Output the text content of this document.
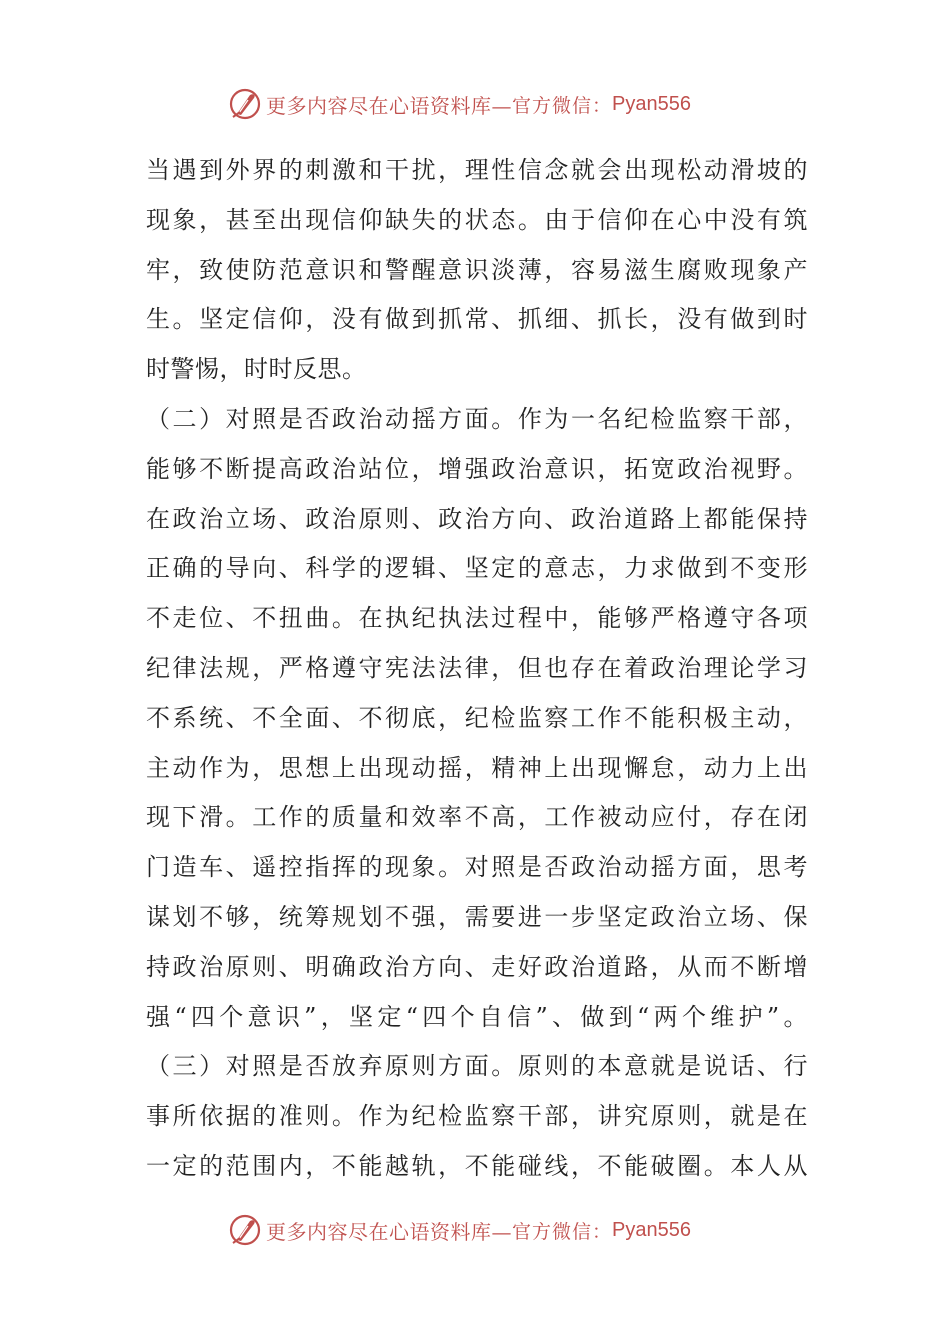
更多内容尽在心语资料库— 官方微信： Pyan556
当遇到外界的刺激和干扰，理性信念就会出现松动滑坡的
现象，甚至出现信仰缺失的状态。由于信仰在心中没有筑
牢，致使防范意识和警醒意识淡薄，容易滋生腐败现象产
生。坚定信仰，没有做到抓常、抓细、抓长，没有做到时
时警惕，时时反思。
（二）对照是否政治动摇方面。作为一名纪检监察干部，
能够不断提高政治站位，增强政治意识，拓宽政治视野。
在政治立场、政治原则、政治方向、政治道路上都能保持
正确的导向、科学的逻辑、坚定的意志，力求做到不变形
不走位、不扭曲。在执纪执法过程中，能够严格遵守各项
纪律法规，严格遵守宪法法律，但也存在着政治理论学习
不系统、不全面、不彻底，纪检监察工作不能积极主动，
主动作为，思想上出现动摇，精神上出现懈怠，动力上出
现下滑。工作的质量和效率不高，工作被动应付，存在闭
门造车、遥控指挥的现象。对照是否政治动摇方面，思考
谋划不够，统筹规划不强，需要进一步坚定政治立场、保
持政治原则、明确政治方向、走好政治道路，从而不断增
强“四个意识”，坚定“四个自信”、做到“两个维护”。
（三）对照是否放弃原则方面。原则的本意就是说话、行
事所依据的准则。作为纪检监察干部，讲究原则，就是在
一定的范围内，不能越轨，不能碰线，不能破圈。本人从
更多内容尽在心语资料库— 官方微信： Pyan556
